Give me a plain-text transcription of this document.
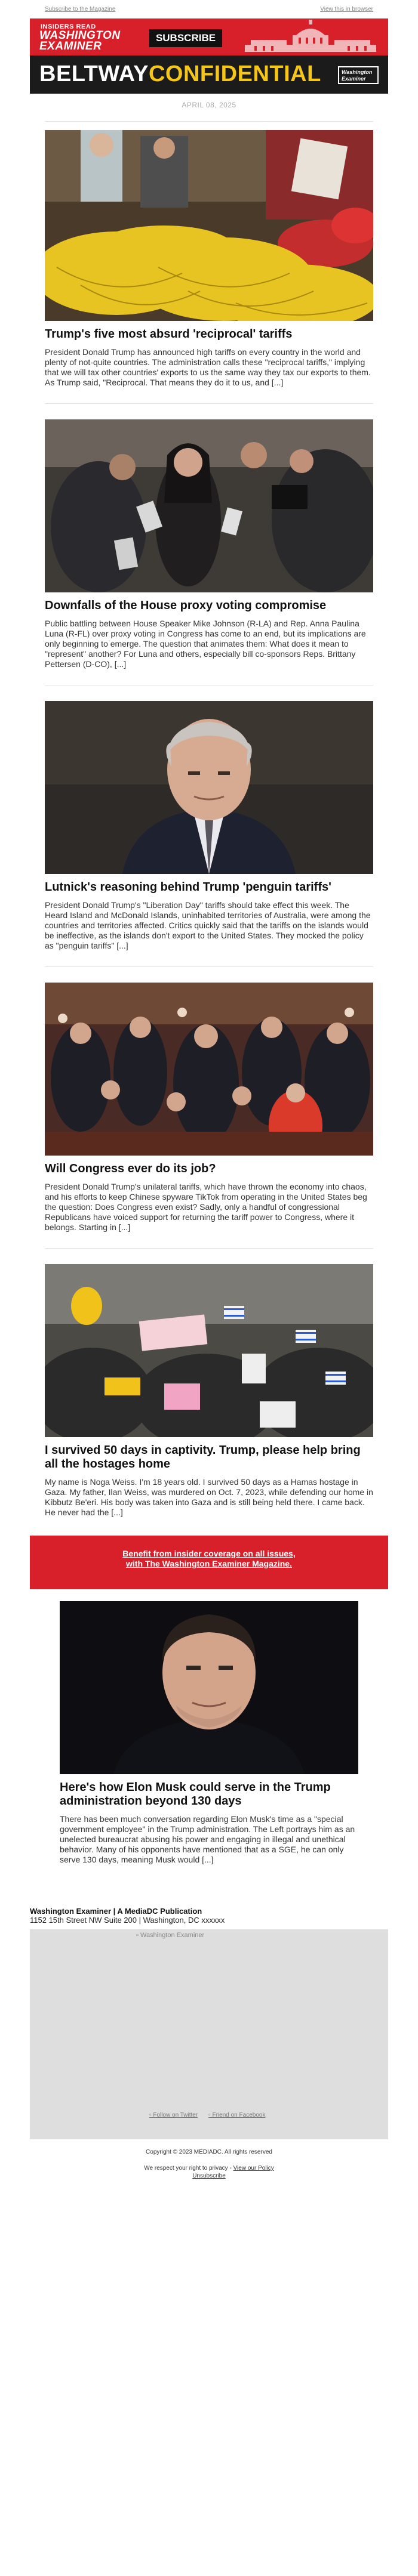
Subscribe to the Magazine	View this in browser
INSIDERS READ
WASHINGTON
EXAMINER
SUBSCRIBE
BELTWAYCONFIDENTIAL	Washington Examiner
APRIL 08, 2025
Trump's five most absurd 'reciprocal' tariffs

President Donald Trump has announced high tariffs on every country in the world and plenty of not-quite countries. The administration calls these "reciprocal tariffs," implying that we will tax other countries' exports to us the same way they tax our exports to them. As Trump said, "Reciprocal. That means they do it to us, and [...]

Downfalls of the House proxy voting compromise

Public battling between House Speaker Mike Johnson (R-LA) and Rep. Anna Paulina Luna (R-FL) over proxy voting in Congress has come to an end, but its implications are only beginning to emerge. The question that animates them: What does it mean to "represent" another? For Luna and others, especially bill co-sponsors Reps. Brittany Pettersen (D-CO), [...]

Lutnick's reasoning behind Trump 'penguin tariffs'

President Donald Trump's "Liberation Day" tariffs should take effect this week. The Heard Island and McDonald Islands, uninhabited territories of Australia, were among the countries and territories affected. Critics quickly said that the tariffs on the islands would be ineffective, as the islands don't export to the United States. They mocked the policy as "penguin tariffs" [...]

Will Congress ever do its job?

President Donald Trump's unilateral tariffs, which have thrown the economy into chaos, and his efforts to keep Chinese spyware TikTok from operating in the United States beg the question: Does Congress even exist? Sadly, only a handful of congressional Republicans have voiced support for returning the tariff power to Congress, where it belongs. Starting in [...]

I survived 50 days in captivity. Trump, please help bring all the hostages home

My name is Noga Weiss. I'm 18 years old. I survived 50 days as a Hamas hostage in Gaza. My father, Ilan Weiss, was murdered on Oct. 7, 2023, while defending our home in Kibbutz Be'eri. His body was taken into Gaza and is still being held there. I came back. He never had the [...]

Benefit from insider coverage on all issues,
with The Washington Examiner Magazine.
Here's how Elon Musk could serve in the Trump administration beyond 130 days

There has been much conversation regarding Elon Musk's time as a "special government employee" in the Trump administration. The Left portrays him as an unelected bureaucrat abusing his power and engaging in illegal and unethical behavior. Many of his opponents have mentioned that as a SGE, he can only serve 130 days, meaning Musk would [...]

Washington Examiner | A MediaDC Publication
1152 15th Street NW Suite 200 | Washington, DC xxxxxx
▫ Washington Examiner
▫ Follow on Twitter ▫ Friend on Facebook
Copyright © 2023 MEDIADC. All rights reserved
We respect your right to privacy - View our Policy
Unsubscribe
